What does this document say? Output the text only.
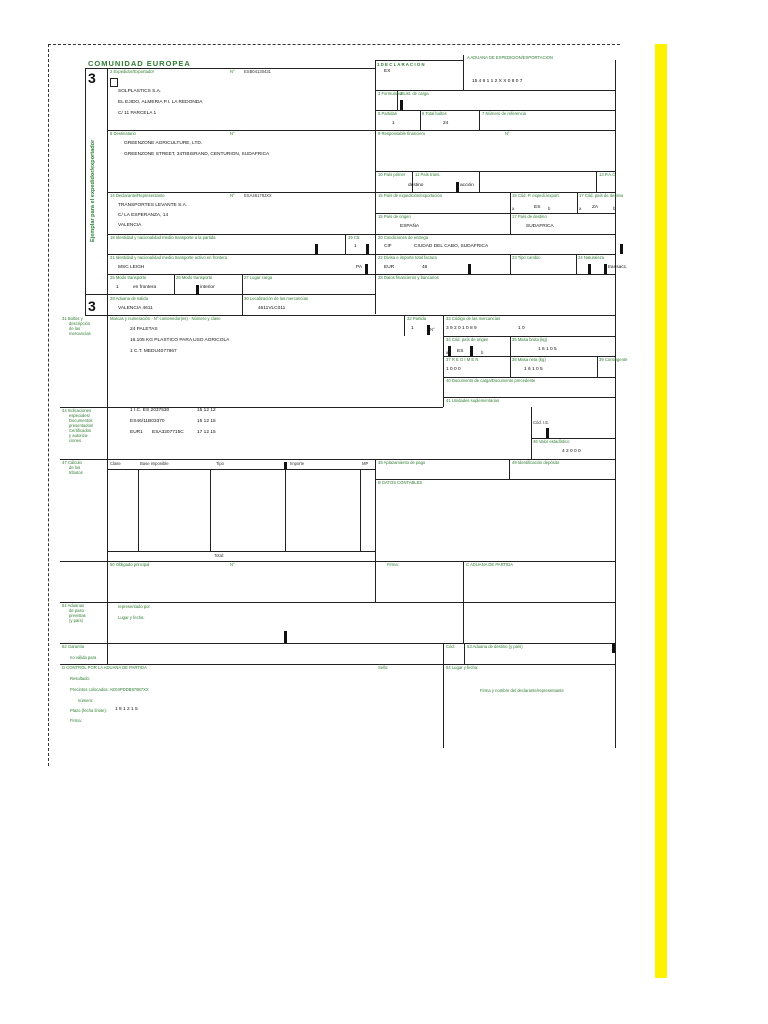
COMUNIDAD EUROPEA
3
3
Ejemplar para el expedidor/exportador
1 D E C L A R A C I O N
EX
A ADUANA DE EXPEDICION/EXPORTACION
15 4 6 1 1 2 X X 0 8 0 7
2 Expedidor/Exportador	N° ESB04130431
SOLPLASTICS S.A.
EL EJIDO, ALMERIA P.I. LA REDONDA
C/ 11 PARCELA 1
3 Formularios
4 List. de carga
5 Partidas
1
6 Total bultos
24
7 Número de referencia
8 Destinatario	N°
GREENZONE AGRICULTURE, LTD.
GREENZONE STREET, 34TIBISRAND, CENTURION, SUDAFRICA
9 Responsable financiero	N°
10 País primer
destino
11 País trans.
acción
13 P.A.C.
14 Declarante/Representante	N° ESA46178JXX
TRANSPORTES LEVANTE S.A.
C/ LA ESPERANZA, 14
VALENCIA
15 País de expedición/exportación	15 Cód. P. expedi./export.
a	ES b
17 Cód. país de destino
a ZA	b
15 País de origen
ESPAÑA
17 País de destino
SUDAFRICA
18 Identidad y nacionalidad medio transporte a la partida	19 Ctr.
1
20 Condiciones de entrega
CIF	CIUDAD DEL CABO, SUDAFRICA
21 Identidad y nacionalidad medio transporte activo en frontera
MSC LEIGH	PA
22 Divisa e importe total factura
EUR	46
23 Tipo cambio	24 Naturaleza
transacc.
25 Modo transporte
1	en frontera
26 Modo transporte
interior
27 Lugar carga	28 Datos financieros y bancarios
29 Aduana de salida
VALENCIA 4611
30 Localización de las mercancías
4611VLC011
31 Bultos y
descripción
de las
mercancías
Marcas y numeración - N° contenedor(es) - Número y clase
24 PALETAS
16.105 KG PLASTICO PARA USO AGRICOLA
1 C.T. MEDU4077867
32 Partida
1	N°
33 Código de las mercancías
3 9 2 0 1 0 8 9	1 0
34 Cód. país de origen
a ES	b
35 Masa bruta (kg)
1 6 1 0 5
37 R E G I M E N
1 0 0 0
38 Masa neta (kg)
1 6 1 0 5
39 Contingente
40 Documento de carga/Documento precedente
41 Unidades suplementarias
44 Indicaciones
especiales/
Documentos
presentados/
Certificados
y autoriza-
ciones
1 I.C. ES 2037530	15 12 12
ES46/11B03370	15 12 15
EUR1 ESA3207715C	17 12 15
Cód. I.E.
46 Valor estadístico
4 2 0 0 0
47 Cálculo
de los
tributos
Clase	Base imponible	Tipo	Importe	MP
Total:
48 Aplazamiento de pago	49 Identificación depósito
B DATOS CONTABLES
50 Obligado principal	N°	Firma:	C ADUANA DE PARTIDA
51 Aduanas
de paso
previstas
(y país)
representado por
Lugar y fecha:
52 Garantía
no válida para
Cód.	53 Aduana de destino (y país)
D CONTROL POR LA ADUANA DE PARTIDA	Sello:
Resultado:
Precintos colocados: AE04PDDB87987XX
número:
Plazo (fecha límite): 1 8 1 2 1 5
Firma:
54 Lugar y fecha:
Firma y nombre del declarante/representante
